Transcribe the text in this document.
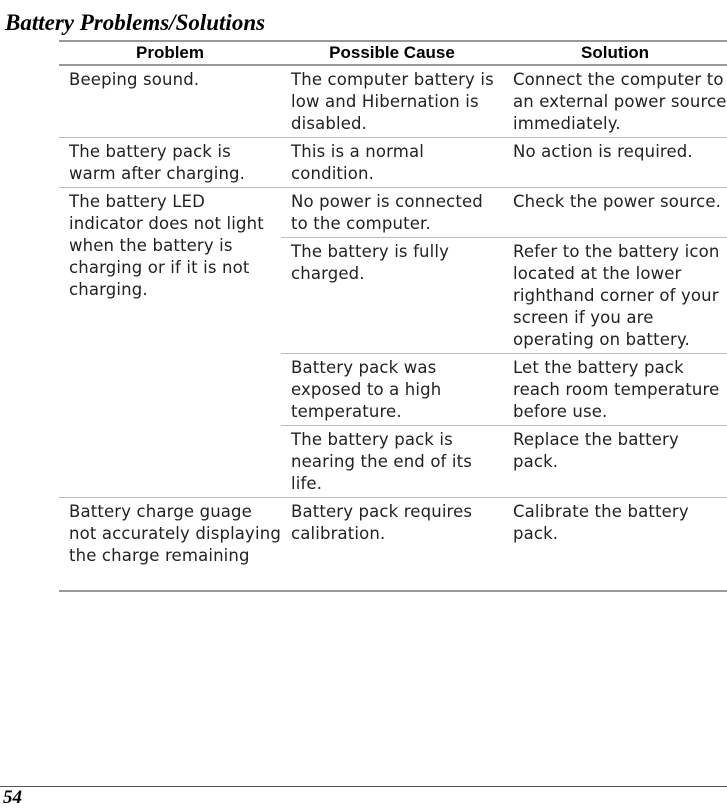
Battery Problems/Solutions
Problem	Possible Cause	Solution
Beeping sound.	The computer battery is low and Hibernation is disabled.	Connect the computer to an external power source immediately.
The battery pack is warm after charging.	This is a normal condition.	No action is required.
The battery LED indicator does not light when the battery is charging or if it is not charging.	No power is connected to the computer.	Check the power source.
	The battery is fully charged.	Refer to the battery icon located at the lower righthand corner of your screen if you are operating on battery.
	Battery pack was exposed to a high temperature.	Let the battery pack reach room temperature before use.
	The battery pack is nearing the end of its life.	Replace the battery pack.
Battery charge guage not accurately displaying the charge remaining	Battery pack requires calibration.	Calibrate the battery pack.
54
